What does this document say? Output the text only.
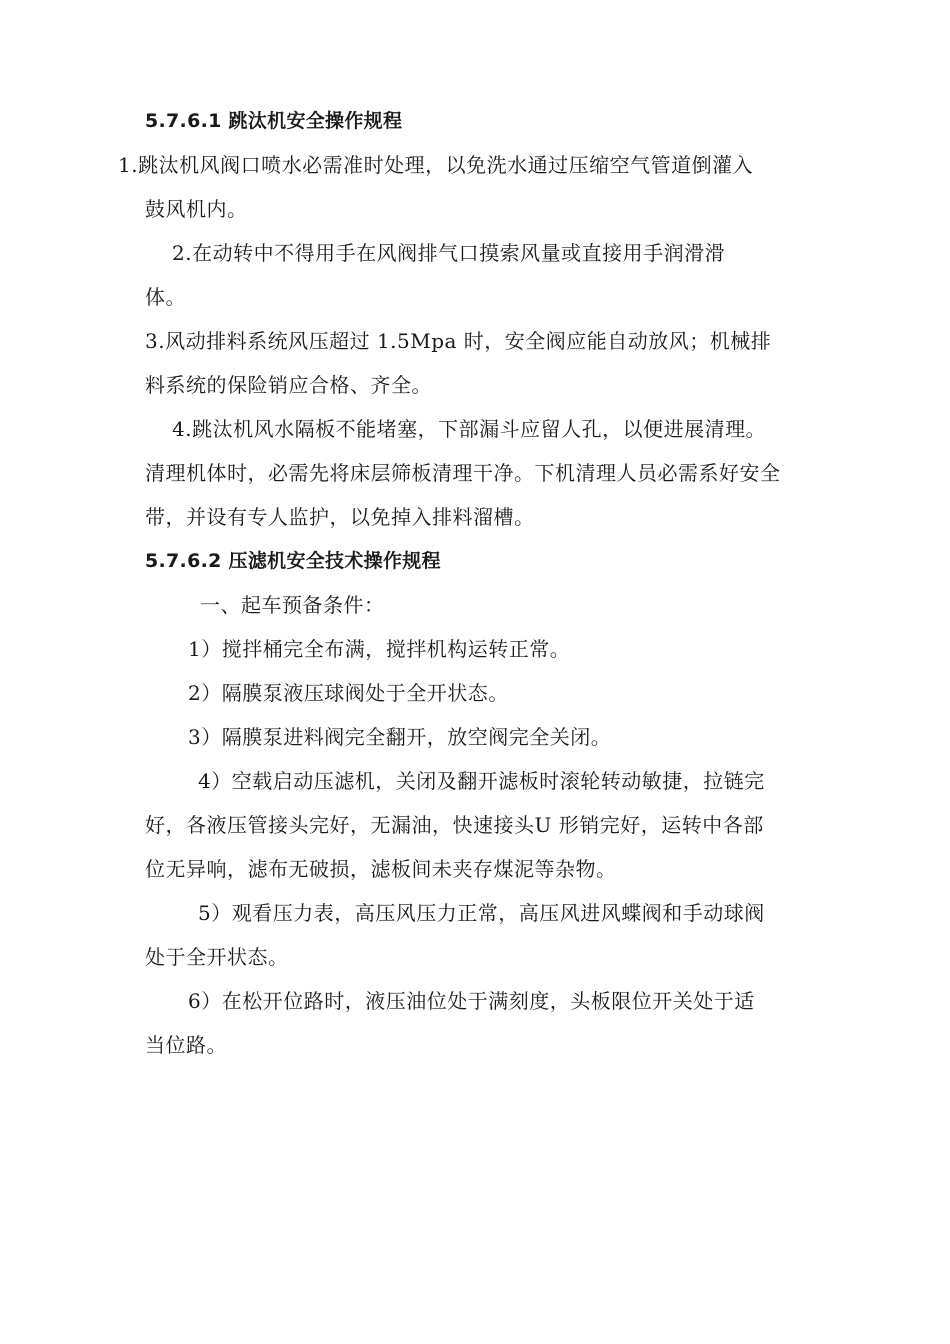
5.7.6.1 跳汰机安全操作规程
1.跳汰机风阀口喷水必需准时处理，以免洗水通过压缩空气管道倒灌入
鼓风机内。
2.在动转中不得用手在风阀排气口摸索风量或直接用手润滑滑
体。
3.风动排料系统风压超过 1.5Mpa 时，安全阀应能自动放风；机械排
料系统的保险销应合格、齐全。
4.跳汰机风水隔板不能堵塞，下部漏斗应留人孔，以便进展清理。
清理机体时，必需先将床层筛板清理干净。下机清理人员必需系好安全
带，并设有专人监护，以免掉入排料溜槽。
5.7.6.2 压滤机安全技术操作规程
一、起车预备条件：
1）搅拌桶完全布满，搅拌机构运转正常。
2）隔膜泵液压球阀处于全开状态。
3）隔膜泵进料阀完全翻开，放空阀完全关闭。
4）空载启动压滤机，关闭及翻开滤板时滚轮转动敏捷，拉链完
好，各液压管接头完好，无漏油，快速接头U 形销完好，运转中各部
位无异响，滤布无破损，滤板间未夹存煤泥等杂物。
5）观看压力表，高压风压力正常，高压风进风蝶阀和手动球阀
处于全开状态。
6）在松开位路时，液压油位处于满刻度，头板限位开关处于适
当位路。
